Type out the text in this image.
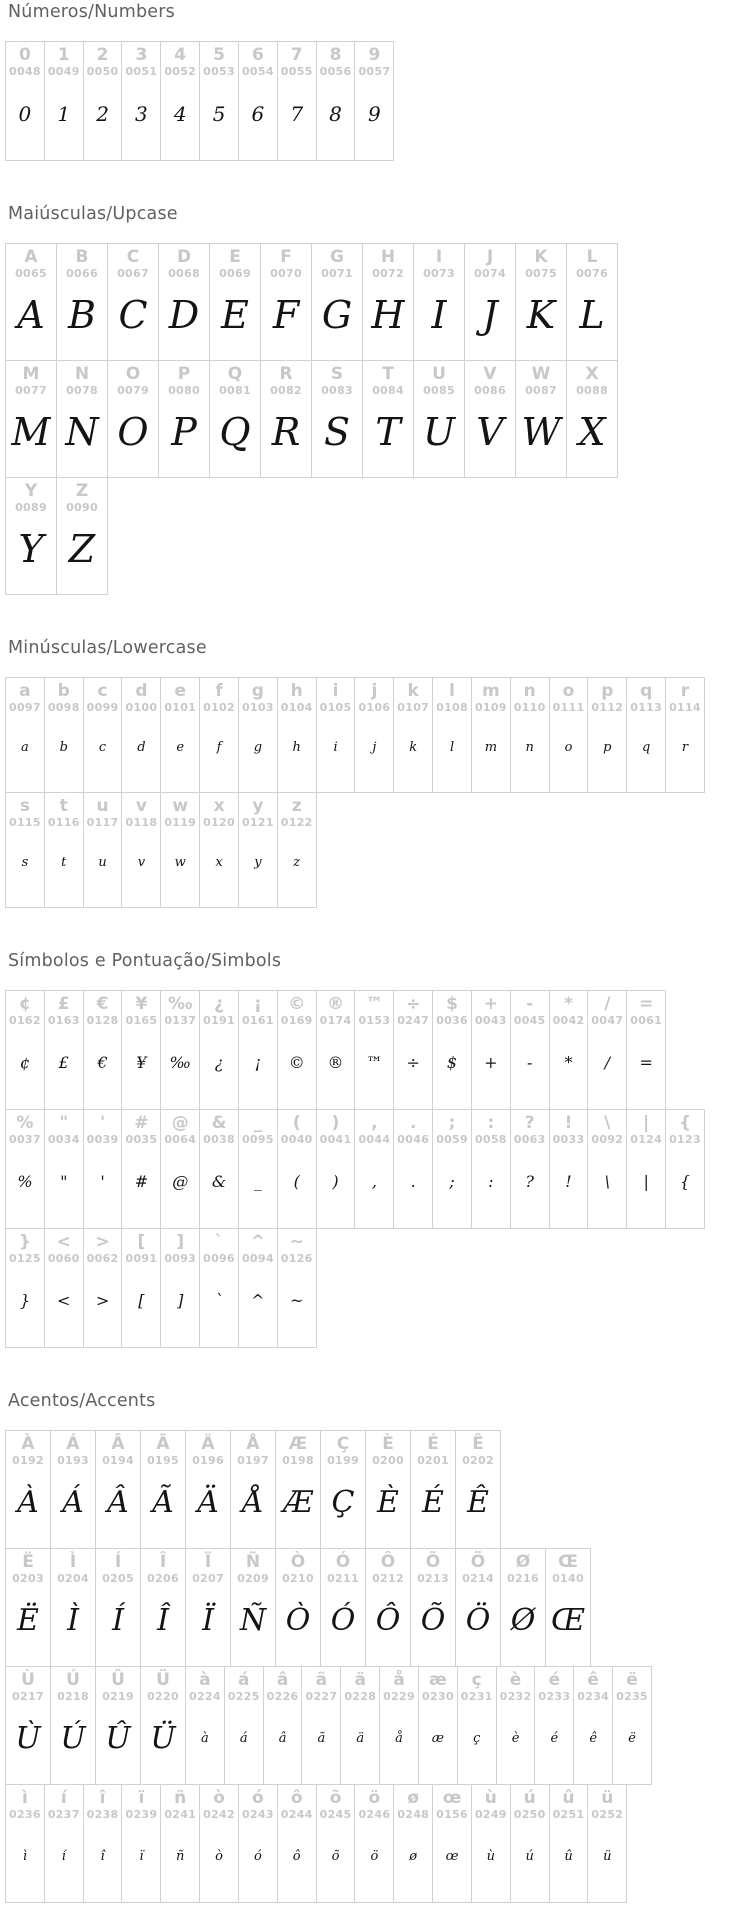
Números/Numbers
0
0048
0
1
0049
1
2
0050
2
3
0051
3
4
0052
4
5
0053
5
6
0054
6
7
0055
7
8
0056
8
9
0057
9
Maiúsculas/Upcase
A
0065
A
B
0066
B
C
0067
C
D
0068
D
E
0069
E
F
0070
F
G
0071
G
H
0072
H
I
0073
I
J
0074
J
K
0075
K
L
0076
L
M
0077
M
N
0078
N
O
0079
O
P
0080
P
Q
0081
Q
R
0082
R
S
0083
S
T
0084
T
U
0085
U
V
0086
V
W
0087
W
X
0088
X
Y
0089
Y
Z
0090
Z
Minúsculas/Lowercase
a
0097
a
b
0098
b
c
0099
c
d
0100
d
e
0101
e
f
0102
f
g
0103
g
h
0104
h
i
0105
i
j
0106
j
k
0107
k
l
0108
l
m
0109
m
n
0110
n
o
0111
o
p
0112
p
q
0113
q
r
0114
r
s
0115
s
t
0116
t
u
0117
u
v
0118
v
w
0119
w
x
0120
x
y
0121
y
z
0122
z
Símbolos e Pontuação/Simbols
¢
0162
¢
£
0163
£
€
0128
€
¥
0165
¥
‰
0137
‰
¿
0191
¿
¡
0161
¡
©
0169
©
®
0174
®
™
0153
™
÷
0247
÷
$
0036
$
+
0043
+
-
0045
-
*
0042
*
/
0047
/
=
0061
=
%
0037
%
"
0034
"
'
0039
'
#
0035
#
@
0064
@
&
0038
&
_
0095
_
(
0040
(
)
0041
)
,
0044
,
.
0046
.
;
0059
;
:
0058
:
?
0063
?
!
0033
!
\
0092
\
|
0124
|
{
0123
{
}
0125
}
<
0060
<
>
0062
>
[
0091
[
]
0093
]
`
0096
`
^
0094
^
~
0126
~
Acentos/Accents
À
0192
À
Á
0193
Á
Â
0194
Â
Ã
0195
Ã
Ä
0196
Ä
Å
0197
Å
Æ
0198
Æ
Ç
0199
Ç
È
0200
È
É
0201
É
Ê
0202
Ê
Ë
0203
Ë
Ì
0204
Ì
Í
0205
Í
Î
0206
Î
Ï
0207
Ï
Ñ
0209
Ñ
Ò
0210
Ò
Ó
0211
Ó
Ô
0212
Ô
Õ
0213
Õ
Ö
0214
Ö
Ø
0216
Ø
Œ
0140
Œ
Ù
0217
Ù
Ú
0218
Ú
Û
0219
Û
Ü
0220
Ü
à
0224
à
á
0225
á
â
0226
â
ã
0227
ã
ä
0228
ä
å
0229
å
æ
0230
æ
ç
0231
ç
è
0232
è
é
0233
é
ê
0234
ê
ë
0235
ë
ì
0236
ì
í
0237
í
î
0238
î
ï
0239
ï
ñ
0241
ñ
ò
0242
ò
ó
0243
ó
ô
0244
ô
õ
0245
õ
ö
0246
ö
ø
0248
ø
œ
0156
œ
ù
0249
ù
ú
0250
ú
û
0251
û
ü
0252
ü
